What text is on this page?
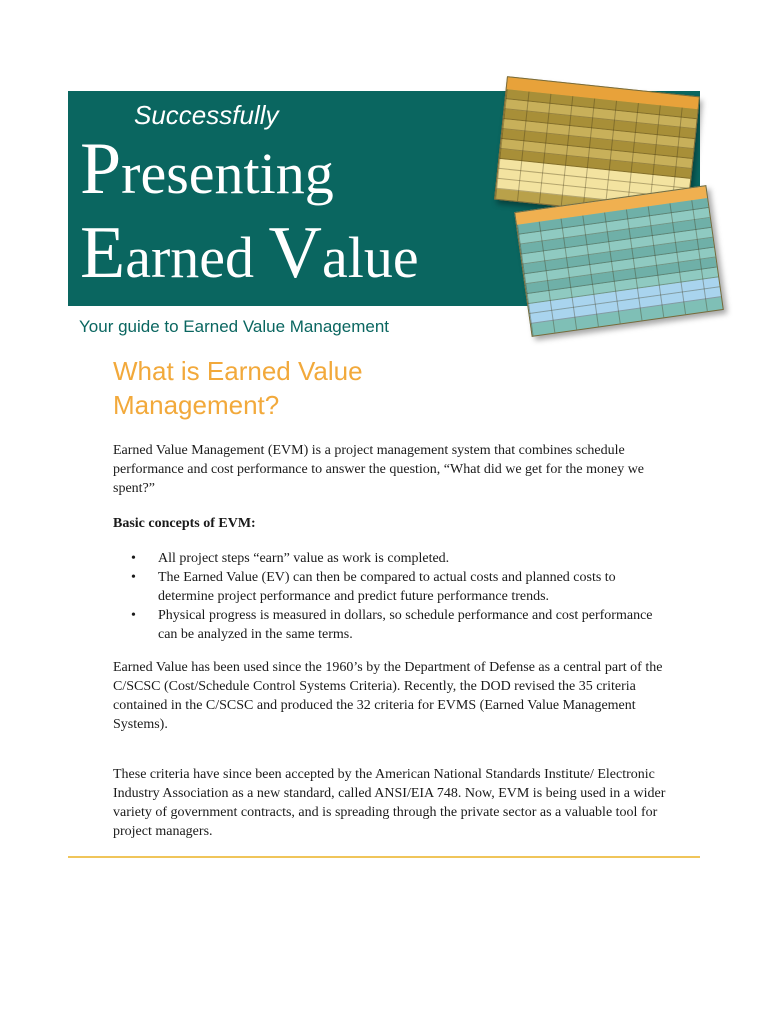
Successfully
Presenting
Earned Value
Your guide to Earned Value Management
What is Earned Value Management?

Earned Value Management (EVM) is a project management system that combines schedule performance and cost performance to answer the question, “What did we get for the money we spent?”

Basic concepts of EVM:

• All project steps “earn” value as work is completed.
• The Earned Value (EV) can then be compared to actual costs and planned costs to determine project performance and predict future performance trends.
• Physical progress is measured in dollars, so schedule performance and cost performance can be analyzed in the same terms.

Earned Value has been used since the 1960’s by the Department of Defense as a central part of the C/SCSC (Cost/Schedule Control Systems Criteria). Recently, the DOD revised the 35 criteria contained in the C/SCSC and produced the 32 criteria for EVMS (Earned Value Management Systems).

These criteria have since been accepted by the American National Standards Institute/ Electronic Industry Association as a new standard, called ANSI/EIA 748. Now, EVM is being used in a wider variety of government contracts, and is spreading through the private sector as a valuable tool for project managers.
